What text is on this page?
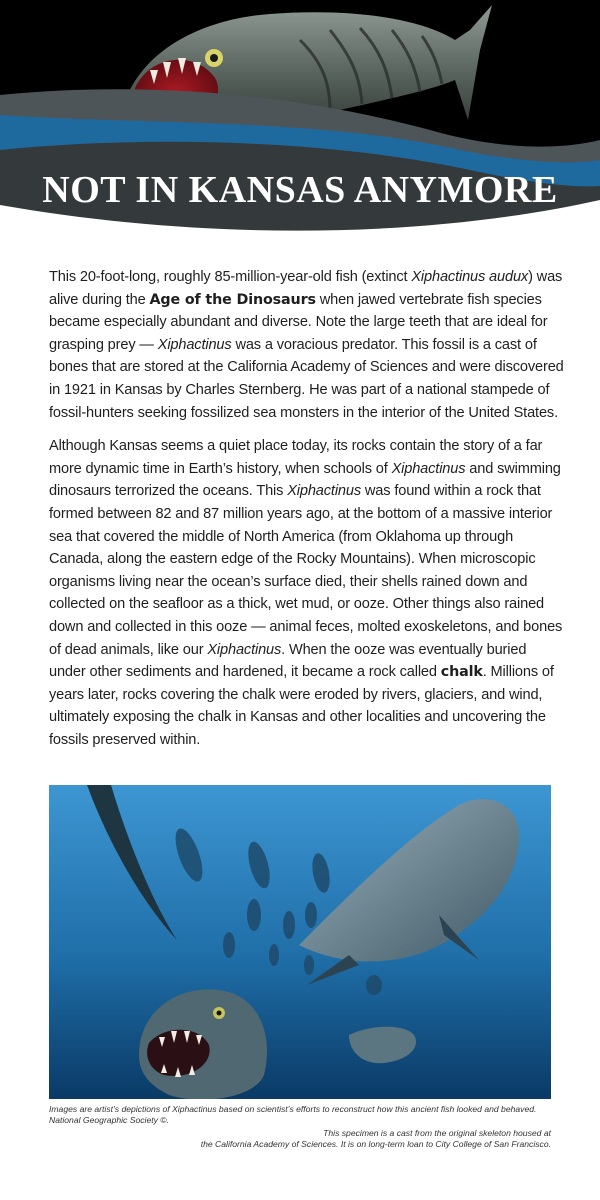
NOT IN KANSAS ANYMORE

This 20-foot-long, roughly 85-million-year-old fish (extinct Xiphactinus audux) was alive during the Age of the Dinosaurs when jawed vertebrate fish species became especially abundant and diverse. Note the large teeth that are ideal for grasping prey — Xiphactinus was a voracious predator. This fossil is a cast of bones that are stored at the California Academy of Sciences and were discovered in 1921 in Kansas by Charles Sternberg. He was part of a national stampede of fossil-hunters seeking fossilized sea monsters in the interior of the United States.

Although Kansas seems a quiet place today, its rocks contain the story of a far more dynamic time in Earth’s history, when schools of Xiphactinus and swimming dinosaurs terrorized the oceans. This Xiphactinus was found within a rock that formed between 82 and 87 million years ago, at the bottom of a massive interior sea that covered the middle of North America (from Oklahoma up through Canada, along the eastern edge of the Rocky Mountains). When microscopic organisms living near the ocean’s surface died, their shells rained down and collected on the seafloor as a thick, wet mud, or ooze. Other things also rained down and collected in this ooze — animal feces, molted exoskeletons, and bones of dead animals, like our Xiphactinus. When the ooze was eventually buried under other sediments and hardened, it became a rock called chalk. Millions of years later, rocks covering the chalk were eroded by rivers, glaciers, and wind, ultimately exposing the chalk in Kansas and other localities and uncovering the fossils preserved within.

Images are artist’s depictions of Xiphactinus based on scientist’s efforts to reconstruct how this ancient fish looked and behaved. National Geographic Society ©.
This specimen is a cast from the original skeleton housed at
the California Academy of Sciences. It is on long-term loan to City College of San Francisco.
